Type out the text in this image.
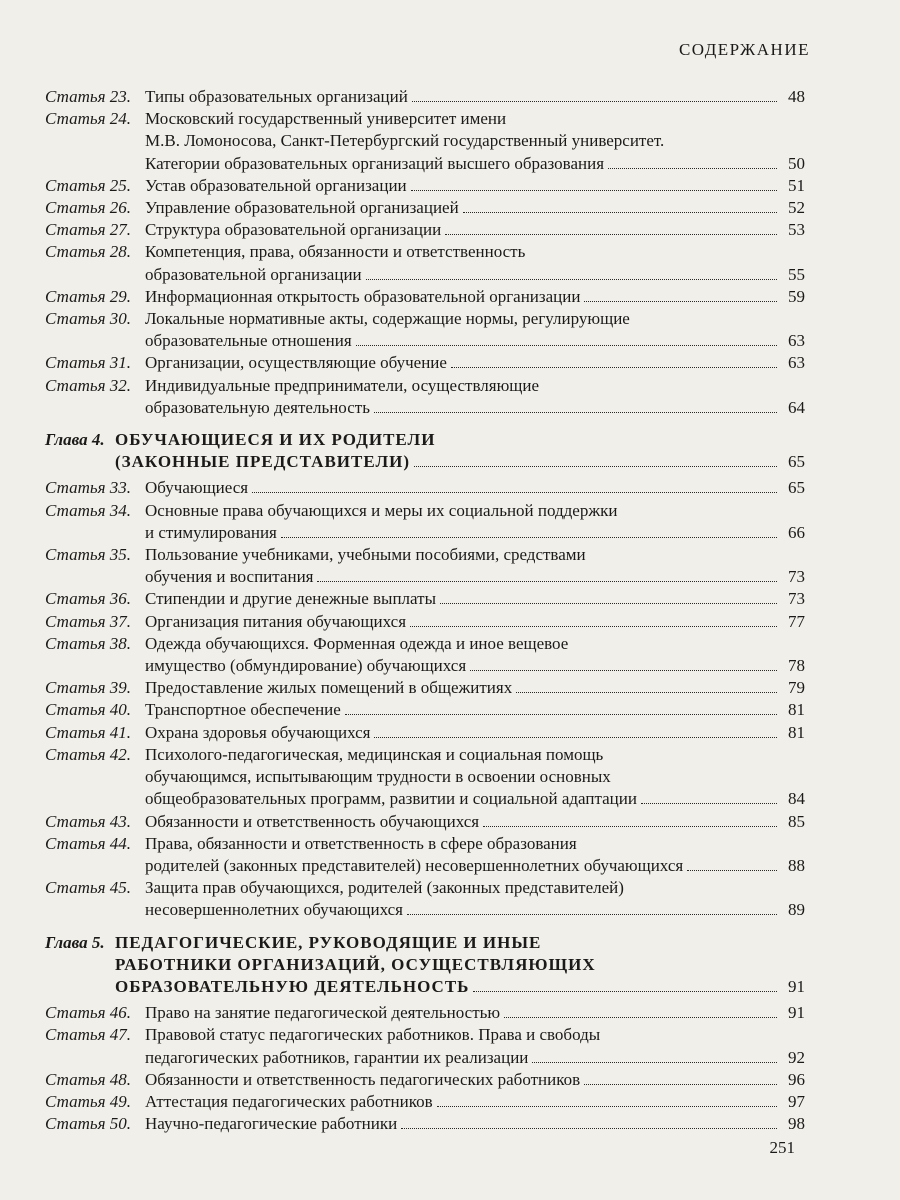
СОДЕРЖАНИЕ
Статья 23. Типы образовательных организаций	48
Статья 24. Московский государственный университет имени
М.В. Ломоносова, Санкт-Петербургский государственный университет.
Категории образовательных организаций высшего образования	50
Статья 25. Устав образовательной организации	51
Статья 26. Управление образовательной организацией	52
Статья 27. Структура образовательной организации	53
Статья 28. Компетенция, права, обязанности и ответственность
образовательной организации	55
Статья 29. Информационная открытость образовательной организации	59
Статья 30. Локальные нормативные акты, содержащие нормы, регулирующие
образовательные отношения	63
Статья 31. Организации, осуществляющие обучение	63
Статья 32. Индивидуальные предприниматели, осуществляющие
образовательную деятельность	64
Глава 4. ОБУЧАЮЩИЕСЯ И ИХ РОДИТЕЛИ
(ЗАКОННЫЕ ПРЕДСТАВИТЕЛИ)	65
Статья 33. Обучающиеся	65
Статья 34. Основные права обучающихся и меры их социальной поддержки
и стимулирования	66
Статья 35. Пользование учебниками, учебными пособиями, средствами
обучения и воспитания	73
Статья 36. Стипендии и другие денежные выплаты	73
Статья 37. Организация питания обучающихся	77
Статья 38. Одежда обучающихся. Форменная одежда и иное вещевое
имущество (обмундирование) обучающихся	78
Статья 39. Предоставление жилых помещений в общежитиях	79
Статья 40. Транспортное обеспечение	81
Статья 41. Охрана здоровья обучающихся	81
Статья 42. Психолого-педагогическая, медицинская и социальная помощь
обучающимся, испытывающим трудности в освоении основных
общеобразовательных программ, развитии и социальной адаптации	84
Статья 43. Обязанности и ответственность обучающихся	85
Статья 44. Права, обязанности и ответственность в сфере образования
родителей (законных представителей) несовершеннолетних обучающихся	88
Статья 45. Защита прав обучающихся, родителей (законных представителей)
несовершеннолетних обучающихся	89
Глава 5. ПЕДАГОГИЧЕСКИЕ, РУКОВОДЯЩИЕ И ИНЫЕ
РАБОТНИКИ ОРГАНИЗАЦИЙ, ОСУЩЕСТВЛЯЮЩИХ
ОБРАЗОВАТЕЛЬНУЮ ДЕЯТЕЛЬНОСТЬ	91
Статья 46. Право на занятие педагогической деятельностью	91
Статья 47. Правовой статус педагогических работников. Права и свободы
педагогических работников, гарантии их реализации	92
Статья 48. Обязанности и ответственность педагогических работников	96
Статья 49. Аттестация педагогических работников	97
Статья 50. Научно-педагогические работники	98
251
